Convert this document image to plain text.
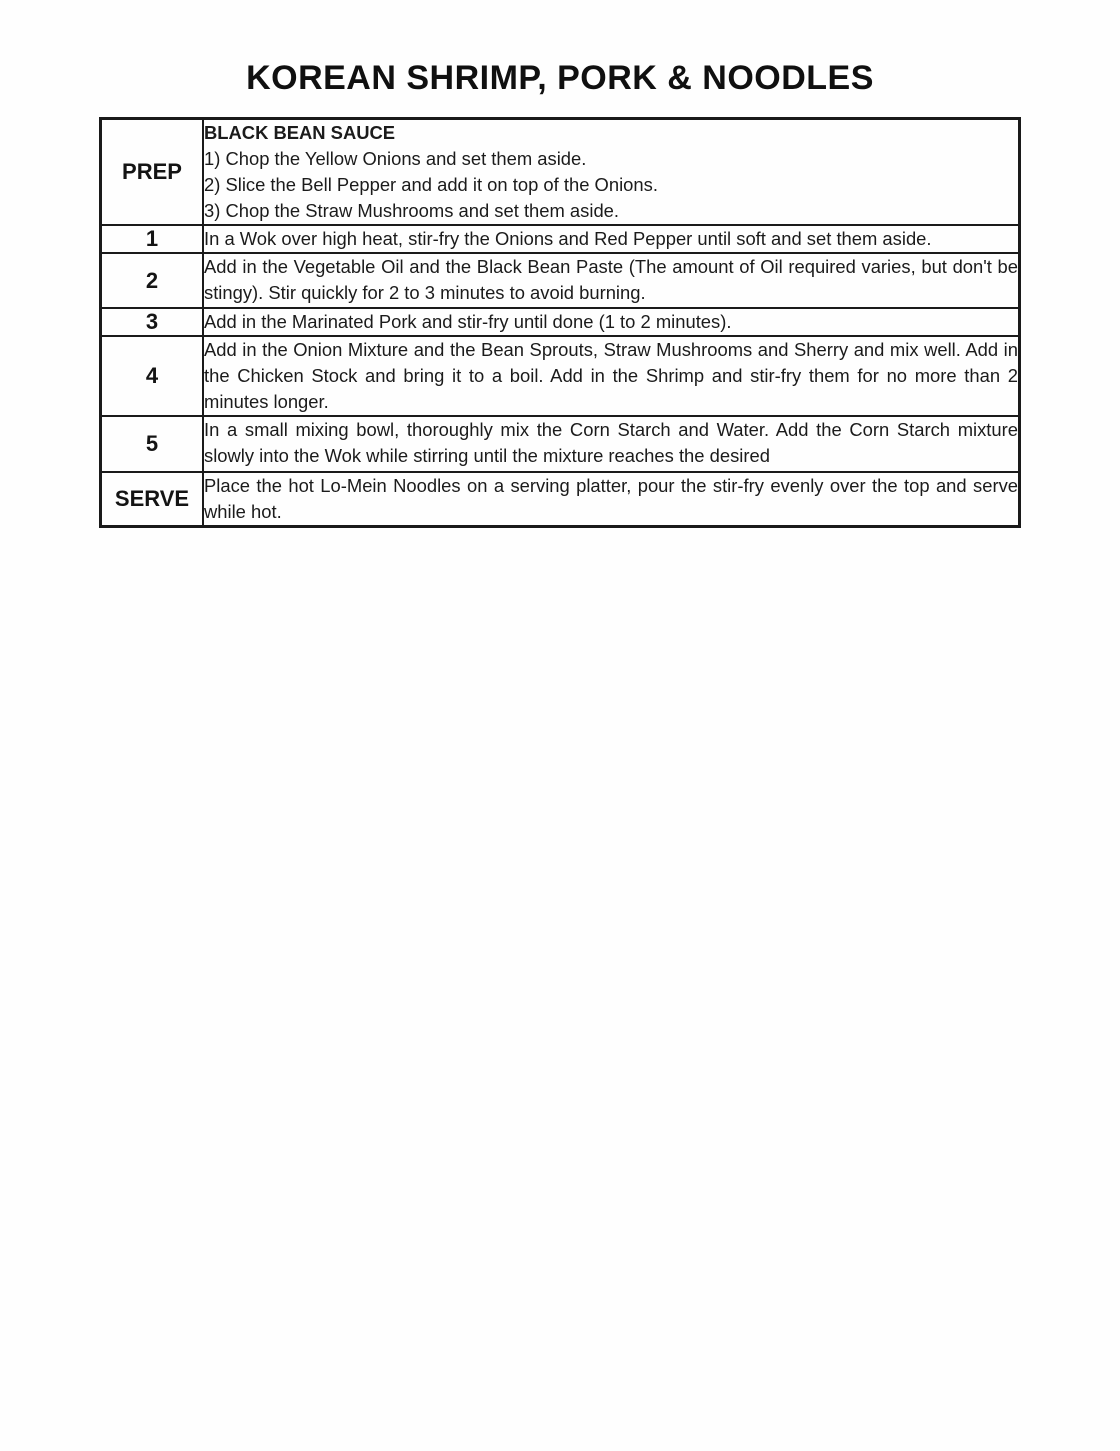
KOREAN SHRIMP, PORK & NOODLES
PREP	BLACK BEAN SAUCE
1) Chop the Yellow Onions and set them aside.
2) Slice the Bell Pepper and add it on top of the Onions.
3) Chop the Straw Mushrooms and set them aside.

1	In a Wok over high heat, stir-fry the Onions and Red Pepper until soft and set them aside.
2	Add in the Vegetable Oil and the Black Bean Paste (The amount of Oil required varies, but don't be stingy). Stir quickly for 2 to 3 minutes to avoid burning.
3	Add in the Marinated Pork and stir-fry until done (1 to 2 minutes).
4	Add in the Onion Mixture and the Bean Sprouts, Straw Mushrooms and Sherry and mix well. Add in the Chicken Stock and bring it to a boil. Add in the Shrimp and stir-fry them for no more than 2 minutes longer.
5	In a small mixing bowl, thoroughly mix the Corn Starch and Water. Add the Corn Starch mixture slowly into the Wok while stirring until the mixture reaches the desired
SERVE	Place the hot Lo-Mein Noodles on a serving platter, pour the stir-fry evenly over the top and serve while hot.
